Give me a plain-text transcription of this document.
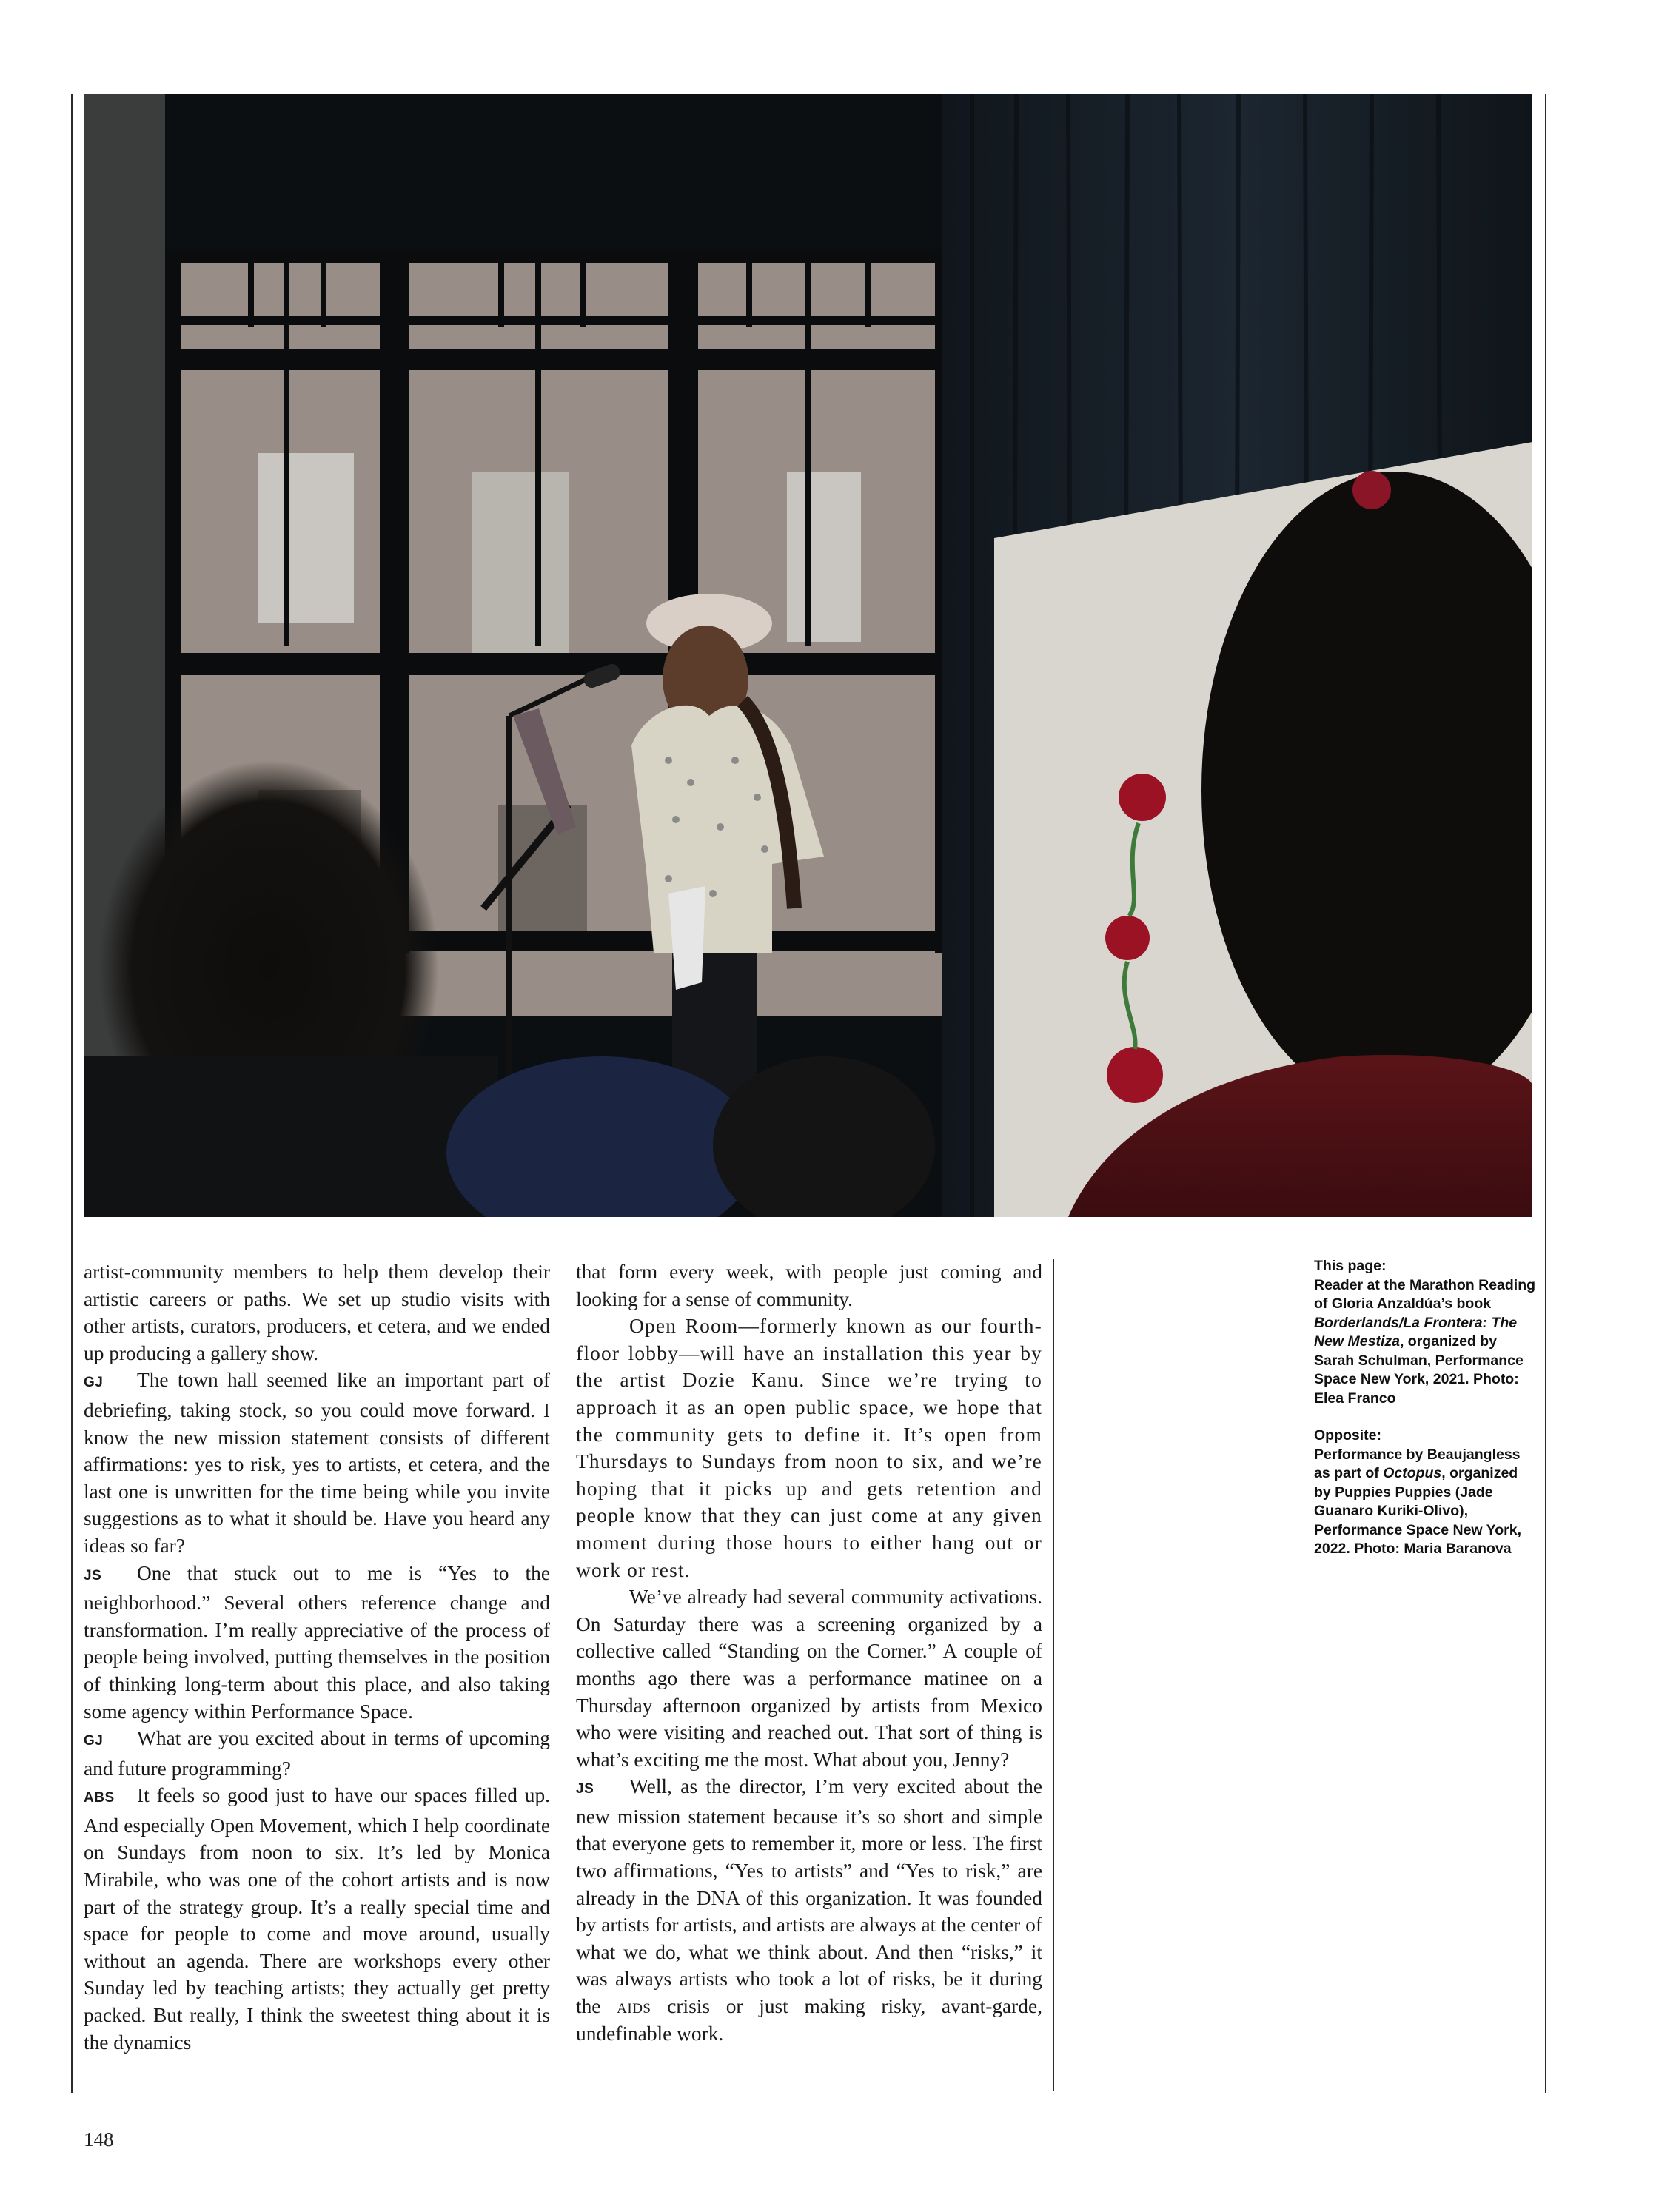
artist-community members to help them develop their artistic careers or paths. We set up studio visits with other artists, curators, producers, et cetera, and we ended up producing a gallery show.

GJ The town hall seemed like an important part of debriefing, taking stock, so you could move forward. I know the new mission statement consists of different affirmations: yes to risk, yes to artists, et cetera, and the last one is unwritten for the time being while you invite suggestions as to what it should be. Have you heard any ideas so far?

JS One that stuck out to me is “Yes to the neighborhood.” Several others reference change and transformation. I’m really appreciative of the process of people being involved, putting themselves in the position of thinking long-term about this place, and also taking some agency within Performance Space.

GJ What are you excited about in terms of upcoming and future programming?

ABS It feels so good just to have our spaces filled up. And especially Open Movement, which I help coordinate on Sundays from noon to six. It’s led by Monica Mirabile, who was one of the cohort artists and is now part of the strategy group. It’s a really special time and space for people to come and move around, usually without an agenda. There are workshops every other Sunday led by teaching artists; they actually get pretty packed. But really, I think the sweetest thing about it is the dynamics

that form every week, with people just coming and looking for a sense of community.

Open Room—formerly known as our fourth-floor lobby—will have an installation this year by the artist Dozie Kanu. Since we’re trying to approach it as an open public space, we hope that the community gets to define it. It’s open from Thursdays to Sundays from noon to six, and we’re hoping that it picks up and gets retention and people know that they can just come at any given moment during those hours to either hang out or work or rest.

We’ve already had several community activations. On Saturday there was a screening organized by a collective called “Standing on the Corner.” A couple of months ago there was a performance matinee on a Thursday afternoon organized by artists from Mexico who were visiting and reached out. That sort of thing is what’s exciting me the most. What about you, Jenny?

JS Well, as the director, I’m very excited about the new mission statement because it’s so short and simple that everyone gets to remember it, more or less. The first two affirmations, “Yes to artists” and “Yes to risk,” are already in the DNA of this organization. It was founded by artists for artists, and artists are always at the center of what we do, what we think about. And then “risks,” it was always artists who took a lot of risks, be it during the aids crisis or just making risky, avant-garde, undefinable work.

This page:
Reader at the Marathon Reading of Gloria Anzaldúa’s book Borderlands/La Frontera: The New Mestiza, organized by Sarah Schulman, Performance Space New York, 2021. Photo: Elea Franco

Opposite:
Performance by Beaujangless as part of Octopus, organized by Puppies Puppies (Jade Guanaro Kuriki-Olivo), Performance Space New York, 2022. Photo: Maria Baranova

148
